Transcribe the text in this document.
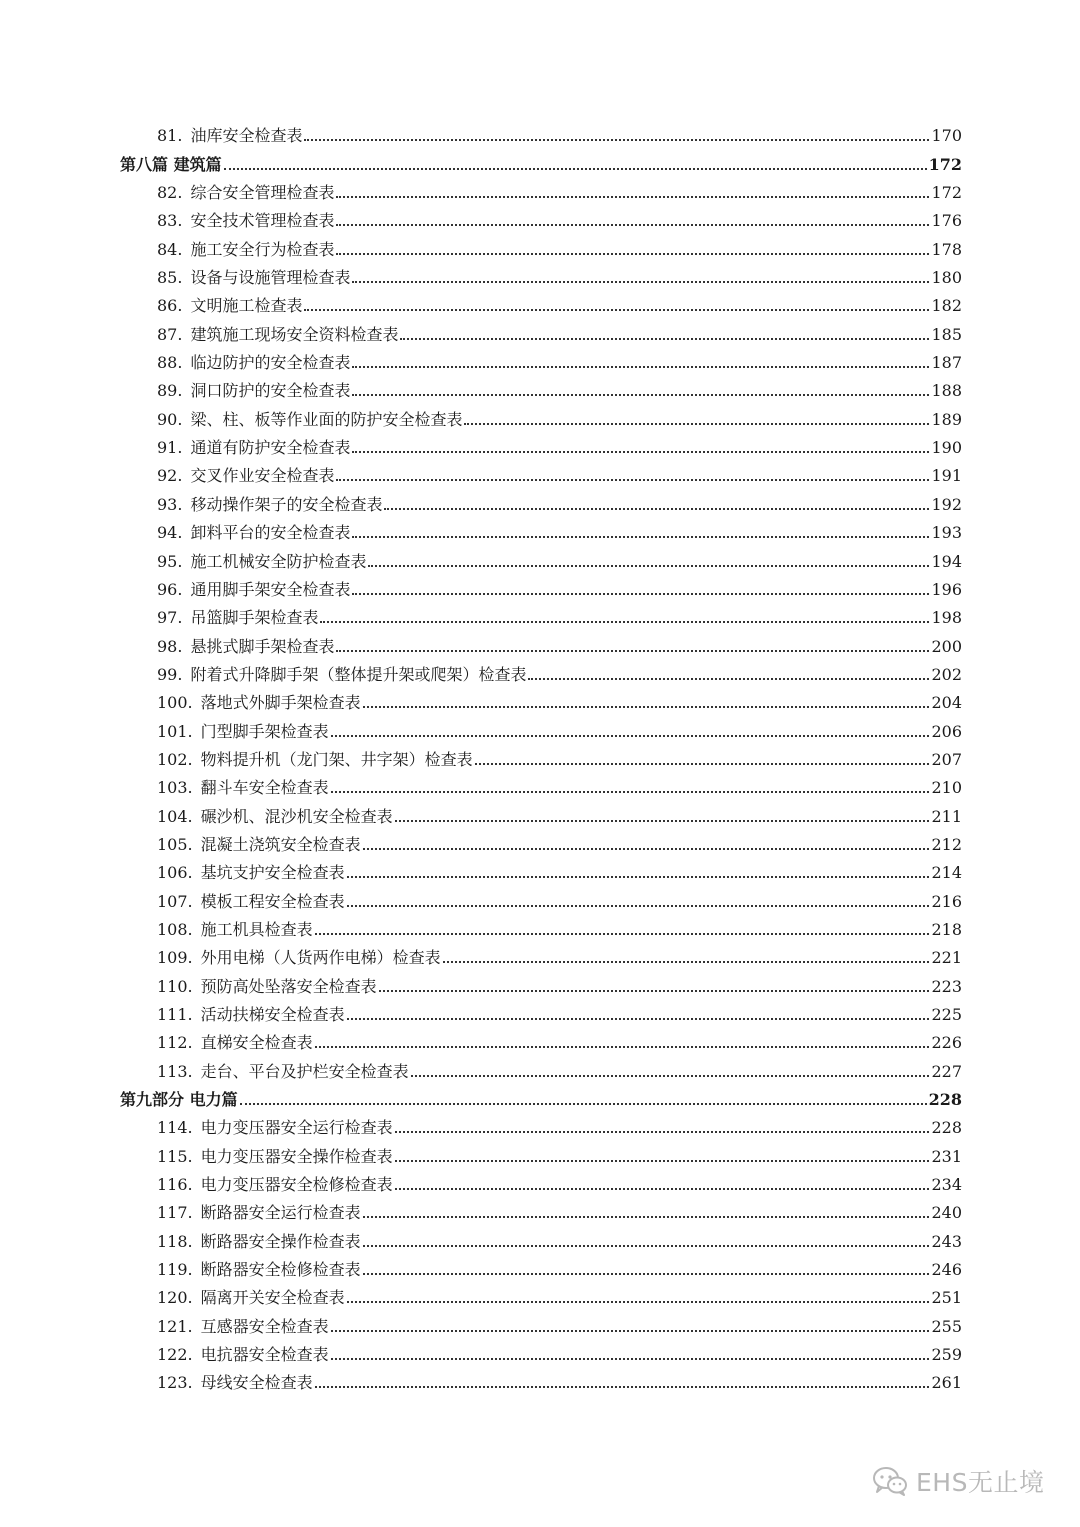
81. 油库安全检查表	170
第八篇 建筑篇	172
82. 综合安全管理检查表	172
83. 安全技术管理检查表	176
84. 施工安全行为检查表	178
85. 设备与设施管理检查表	180
86. 文明施工检查表	182
87. 建筑施工现场安全资料检查表	185
88. 临边防护的安全检查表	187
89. 洞口防护的安全检查表	188
90. 梁、柱、板等作业面的防护安全检查表	189
91. 通道有防护安全检查表	190
92. 交叉作业安全检查表	191
93. 移动操作架子的安全检查表	192
94. 卸料平台的安全检查表	193
95. 施工机械安全防护检查表	194
96. 通用脚手架安全检查表	196
97. 吊篮脚手架检查表	198
98. 悬挑式脚手架检查表	200
99. 附着式升降脚手架（整体提升架或爬架）检查表	202
100. 落地式外脚手架检查表	204
101. 门型脚手架检查表	206
102. 物料提升机（龙门架、井字架）检查表	207
103. 翻斗车安全检查表	210
104. 碾沙机、混沙机安全检查表	211
105. 混凝土浇筑安全检查表	212
106. 基坑支护安全检查表	214
107. 模板工程安全检查表	216
108. 施工机具检查表	218
109. 外用电梯（人货两作电梯）检查表	221
110. 预防高处坠落安全检查表	223
111. 活动扶梯安全检查表	225
112. 直梯安全检查表	226
113. 走台、平台及护栏安全检查表	227
第九部分 电力篇	228
114. 电力变压器安全运行检查表	228
115. 电力变压器安全操作检查表	231
116. 电力变压器安全检修检查表	234
117. 断路器安全运行检查表	240
118. 断路器安全操作检查表	243
119. 断路器安全检修检查表	246
120. 隔离开关安全检查表	251
121. 互感器安全检查表	255
122. 电抗器安全检查表	259
123. 母线安全检查表	261
EHS无止境
